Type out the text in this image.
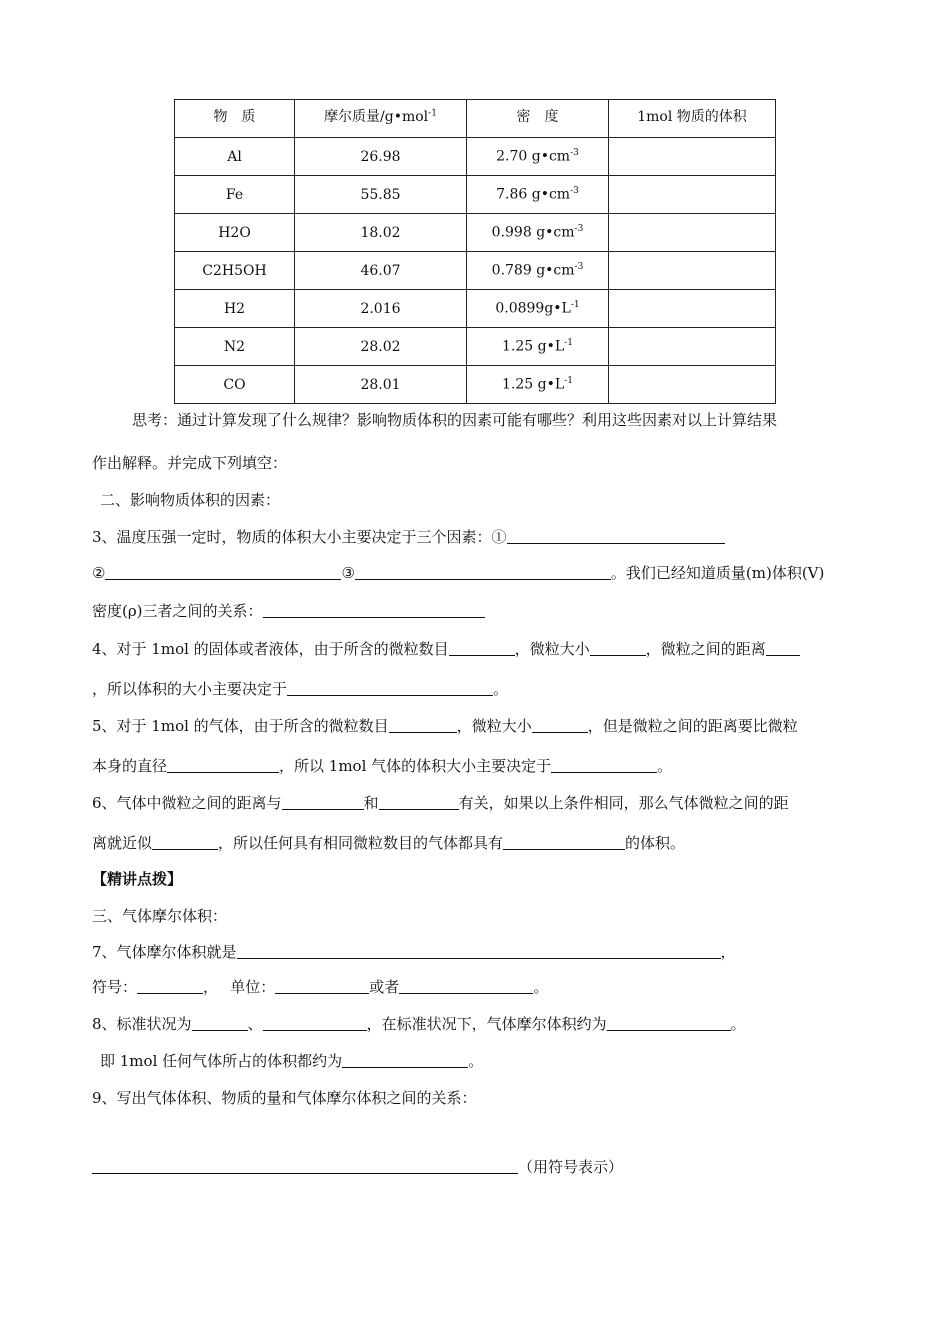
物　质	摩尔质量/g•mol$^{-1}$	密　度	1mol 物质的体积
Al	26.98	2.70 $g•cm^{-3}$	
Fe	55.85	7.86 $g•cm^{-3}$	
H2O	18.02	0.998 $g•cm^{-3}$	
C2H5OH	46.07	0.789 $g•cm^{-3}$	
H2	2.016	$0.0899g•L^{-1}$	
N2	28.02	1.25 $g•L^{-1}$	
CO	28.01	1.25 $g•L^{-1}$	
思考：通过计算发现了什么规律？影响物质体积的因素可能有哪些？利用这些因素对以上计算结果
作出解释。并完成下列填空：
二、影响物质体积的因素：
3、温度压强一定时，物质的体积大小主要决定于三个因素：①
②	③	。我们已经知道质量(m)体积(V)
密度(ρ)三者之间的关系：
4、对于 1mol 的固体或者液体，由于所含的微粒数目	，微粒大小	，微粒之间的距离
，所以体积的大小主要决定于	。
5、对于 1mol 的气体，由于所含的微粒数目	，微粒大小	，但是微粒之间的距离要比微粒
本身的直径	，所以 1mol 气体的体积大小主要决定于	。
6、气体中微粒之间的距离与	和	有关，如果以上条件相同，那么气体微粒之间的距
离就近似	，所以任何具有相同微粒数目的气体都具有	的体积。
【精讲点拨】
三、气体摩尔体积：
7、气体摩尔体积就是	，
符号：	，　 单位：	或者	。
8、标准状况为	、	，在标准状况下，气体摩尔体积约为	。
即 1mol 任何气体所占的体积都约为	。
9、写出气体体积、物质的量和气体摩尔体积之间的关系：
（用符号表示）
